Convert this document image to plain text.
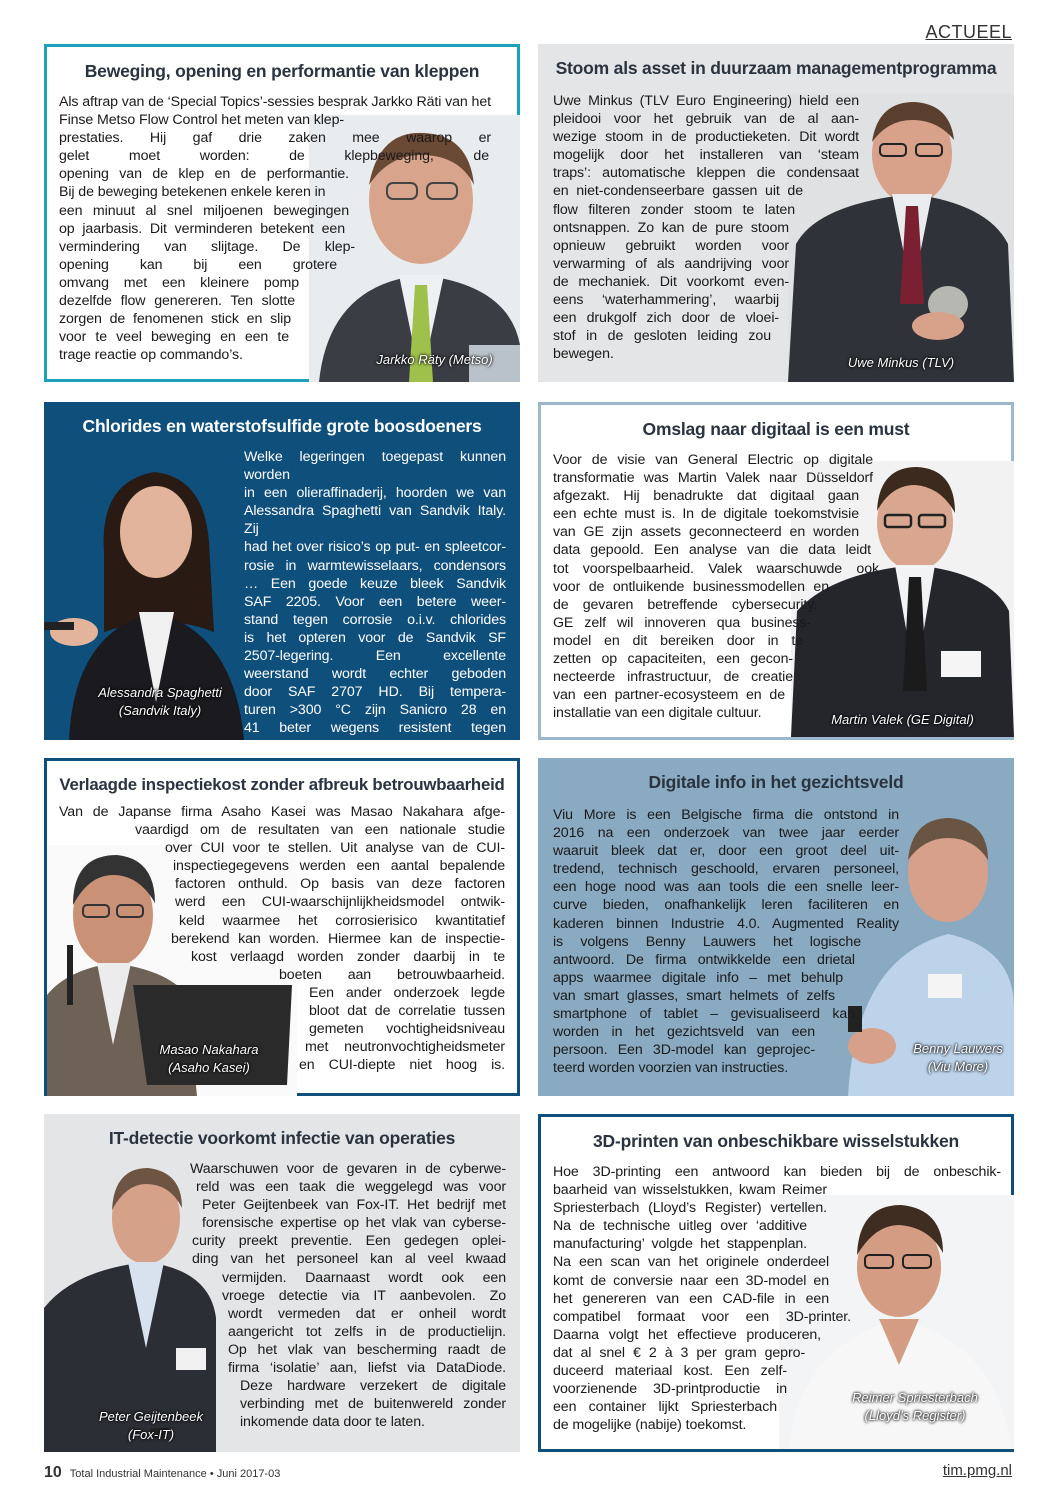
ACTUEEL
Beweging, opening en performantie van kleppen
Jarkko Räty (Metso)

Als aftrap van de ‘Special Topics’-sessies besprak Jarkko Räti van het Finse Metso Flow Control het meten van klep-

prestaties. Hij gaf drie zaken mee waarop er

gelet moet worden: de klepbeweging, de

opening van de klep en de performantie.

Bij de beweging betekenen enkele keren in

een minuut al snel miljoenen bewegingen

op jaarbasis. Dit verminderen betekent een

vermindering van slijtage. De klep-

opening kan bij een grotere

omvang met een kleinere pomp

dezelfde flow genereren. Ten slotte

zorgen de fenomenen stick en slip

voor te veel beweging en een te

trage reactie op commando’s.

Stoom als asset in duurzaam managementprogramma
Uwe Minkus (TLV)

Uwe Minkus (TLV Euro Engineering) hield een

pleidooi voor het gebruik van de al aan-

wezige stoom in de productieketen. Dit wordt

mogelijk door het installeren van ‘steam

traps’: automatische kleppen die condensaat

en niet-condenseerbare gassen uit de

flow filteren zonder stoom te laten

ontsnappen. Zo kan de pure stoom

opnieuw gebruikt worden voor

verwarming of als aandrijving voor

de mechaniek. Dit voorkomt even-

eens ‘waterhammering’, waarbij

een drukgolf zich door de vloei-

stof in de gesloten leiding zou

bewegen.

Chlorides en waterstofsulfide grote boosdoeners
Alessandra Spaghetti
(Sandvik Italy)

Welke legeringen toegepast kunnen worden

in een olieraffinaderij, hoorden we van

Alessandra Spaghetti van Sandvik Italy. Zij

had het over risico’s op put- en spleetcor-

rosie in warmtewisselaars, condensors

… Een goede keuze bleek Sandvik

SAF 2205. Voor een betere weer-

stand tegen corrosie o.i.v. chlorides

is het opteren voor de Sandvik SF

2507-legering. Een excellente

weerstand wordt echter geboden

door SAF 2707 HD. Bij tempera-

turen >300 °C zijn Sanicro 28 en

41 beter wegens resistent tegen

waterstofsulfide.

Omslag naar digitaal is een must
Martin Valek (GE Digital)

Voor de visie van General Electric op digitale

transformatie was Martin Valek naar Düsseldorf

afgezakt. Hij benadrukte dat digitaal gaan

een echte must is. In de digitale toekomstvisie

van GE zijn assets geconnecteerd en worden

data gepoold. Een analyse van die data leidt

tot voorspelbaarheid. Valek waarschuwde ook

voor de ontluikende businessmodellen en

de gevaren betreffende cybersecurity.

GE zelf wil innoveren qua business-

model en dit bereiken door in te

zetten op capaciteiten, een gecon-

necteerde infrastructuur, de creatie

van een partner-ecosysteem en de

installatie van een digitale cultuur.

Verlaagde inspectiekost zonder afbreuk betrouwbaarheid
Masao Nakahara
(Asaho Kasei)

Van de Japanse firma Asaho Kasei was Masao Nakahara afge-

vaardigd om de resultaten van een nationale studie

over CUI voor te stellen. Uit analyse van de CUI-

inspectiegegevens werden een aantal bepalende

factoren onthuld. Op basis van deze factoren

werd een CUI-waarschijnlijkheidsmodel ontwik-

keld waarmee het corrosierisico kwantitatief

berekend kan worden. Hiermee kan de inspectie-

kost verlaagd worden zonder daarbij in te

boeten aan betrouwbaarheid.

Een ander onderzoek legde

bloot dat de correlatie tussen

gemeten vochtigheidsniveau

met neutronvochtigheidsmeter

en CUI-diepte niet hoog is.

Digitale info in het gezichtsveld
Benny Lauwers
(Viu More)

Viu More is een Belgische firma die ontstond in

2016 na een onderzoek van twee jaar eerder

waaruit bleek dat er, door een groot deel uit-

tredend, technisch geschoold, ervaren personeel,

een hoge nood was aan tools die een snelle leer-

curve bieden, onafhankelijk leren faciliteren en

kaderen binnen Industrie 4.0. Augmented Reality

is volgens Benny Lauwers het logische

antwoord. De firma ontwikkelde een drietal

apps waarmee digitale info – met behulp

van smart glasses, smart helmets of zelfs

smartphone of tablet – gevisualiseerd kan

worden in het gezichtsveld van een

persoon. Een 3D-model kan geprojec-

teerd worden voorzien van instructies.

IT-detectie voorkomt infectie van operaties
Peter Geijtenbeek
(Fox-IT)

Waarschuwen voor de gevaren in de cyberwe-

reld was een taak die weggelegd was voor

Peter Geijtenbeek van Fox-IT. Het bedrijf met

forensische expertise op het vlak van cyberse-

curity preekt preventie. Een gedegen oplei-

ding van het personeel kan al veel kwaad

vermijden. Daarnaast wordt ook een

vroege detectie via IT aanbevolen. Zo

wordt vermeden dat er onheil wordt

aangericht tot zelfs in de productielijn.

Op het vlak van bescherming raadt de

firma ‘isolatie’ aan, liefst via DataDiode.

Deze hardware verzekert de digitale

verbinding met de buitenwereld zonder

inkomende data door te laten.

3D-printen van onbeschikbare wisselstukken
Reimer Spriesterbach
(Lloyd’s Register)

Hoe 3D-printing een antwoord kan bieden bij de onbeschik-

baarheid van wisselstukken, kwam Reimer

Spriesterbach (Lloyd’s Register) vertellen.

Na de technische uitleg over ‘additive

manufacturing’ volgde het stappenplan.

Na een scan van het originele onderdeel

komt de conversie naar een 3D-model en

het genereren van een CAD-file in een

compatibel formaat voor een 3D-printer.

Daarna volgt het effectieve produceren,

dat al snel € 2 à 3 per gram gepro-

duceerd materiaal kost. Een zelf-

voorzienende 3D-printproductie in

een container lijkt Spriesterbach

de mogelijke (nabije) toekomst.

10 Total Industrial Maintenance • Juni 2017-03	tim.pmg.nl
